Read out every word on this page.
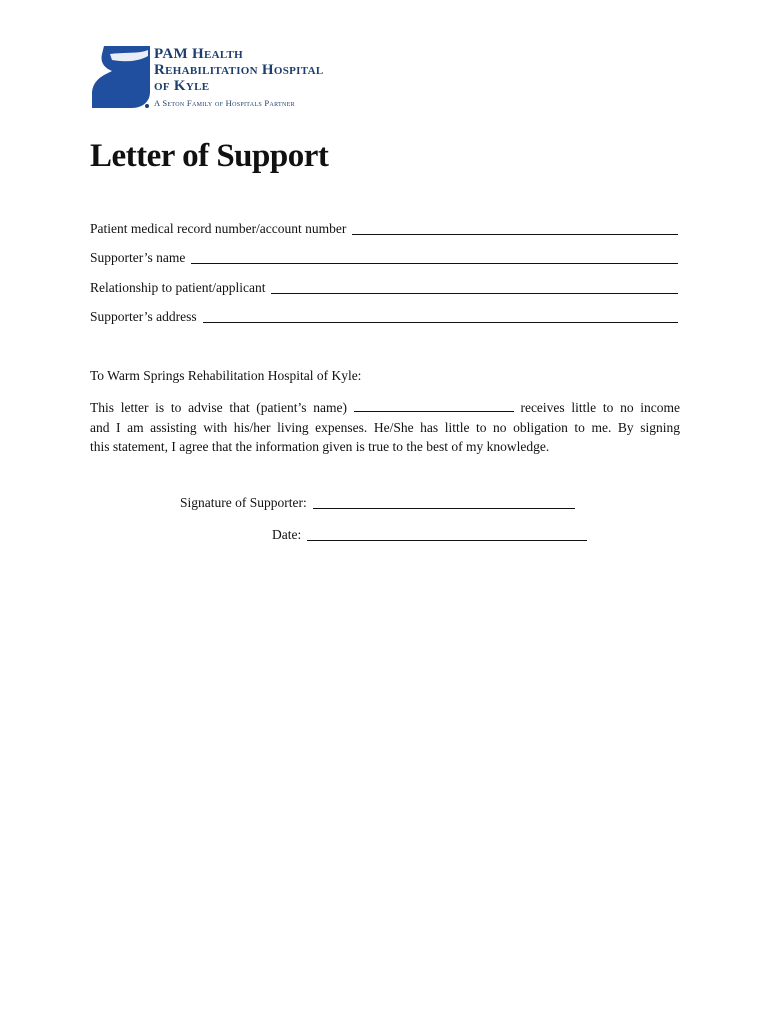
PAM Health
Rehabilitation Hospital
of Kyle
A Seton Family of Hospitals Partner
Letter of Support
Patient medical record number/account number
Supporter’s name
Relationship to patient/applicant
Supporter’s address
To Warm Springs Rehabilitation Hospital of Kyle:
This letter is to advise that (patient’s name)	receives little to no income
and I am assisting with his/her living expenses. He/She has little to no obligation to me. By signing
this statement, I agree that the information given is true to the best of my knowledge.
Signature of Supporter:
Date:
